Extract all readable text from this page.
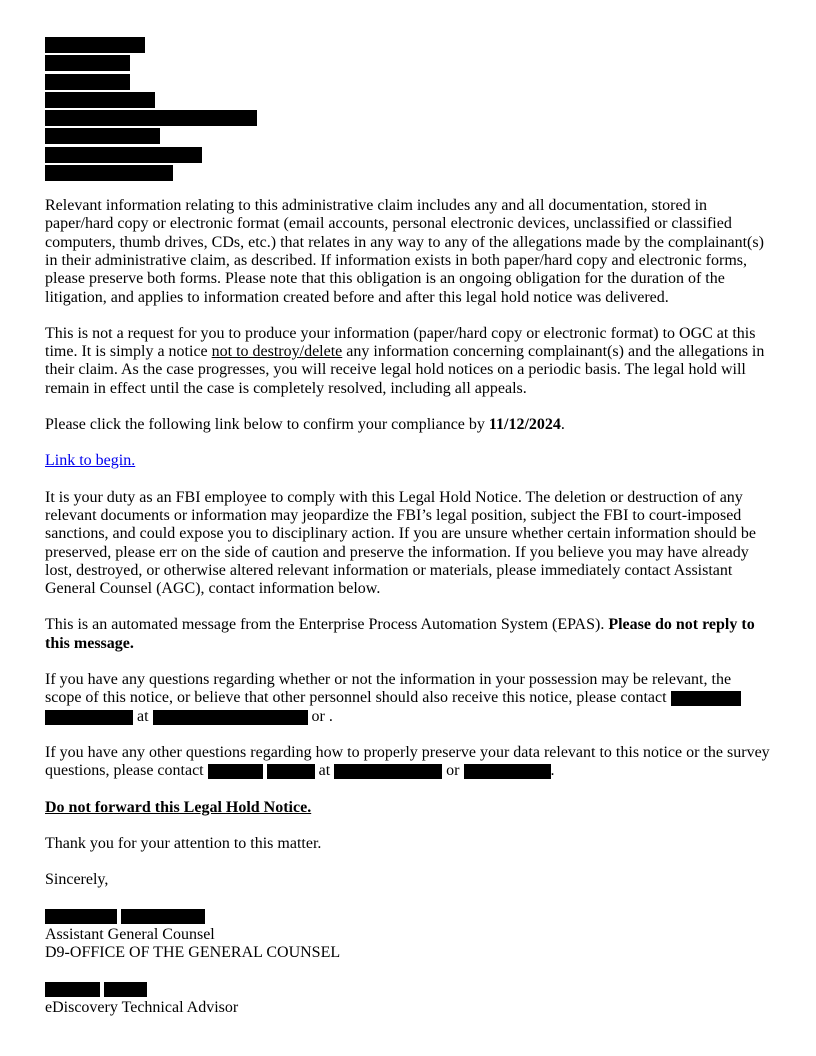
Relevant information relating to this administrative claim includes any and all documentation, stored in paper/hard copy or electronic format (email accounts, personal electronic devices, unclassified or classified computers, thumb drives, CDs, etc.) that relates in any way to any of the allegations made by the complainant(s) in their administrative claim, as described. If information exists in both paper/hard copy and electronic forms, please preserve both forms. Please note that this obligation is an ongoing obligation for the duration of the litigation, and applies to information created before and after this legal hold notice was delivered.

This is not a request for you to produce your information (paper/hard copy or electronic format) to OGC at this time. It is simply a notice not to destroy/delete any information concerning complainant(s) and the allegations in their claim. As the case progresses, you will receive legal hold notices on a periodic basis. The legal hold will remain in effect until the case is completely resolved, including all appeals.

Please click the following link below to confirm your compliance by 11/12/2024.

Link to begin.

It is your duty as an FBI employee to comply with this Legal Hold Notice. The deletion or destruction of any relevant documents or information may jeopardize the FBI’s legal position, subject the FBI to court-imposed sanctions, and could expose you to disciplinary action. If you are unsure whether certain information should be preserved, please err on the side of caution and preserve the information. If you believe you may have already lost, destroyed, or otherwise altered relevant information or materials, please immediately contact Assistant General Counsel (AGC), contact information below.

This is an automated message from the Enterprise Process Automation System (EPAS). Please do not reply to this message.

If you have any questions regarding whether or not the information in your possession may be relevant, the scope of this notice, or believe that other personnel should also receive this notice, please contact   at	or .

If you have any other questions regarding how to properly preserve your data relevant to this notice or the survey questions, please contact	at	or	.

Do not forward this Legal Hold Notice.

Thank you for your attention to this matter.

Sincerely,

Assistant General Counsel
D9-OFFICE OF THE GENERAL COUNSEL

eDiscovery Technical Advisor
